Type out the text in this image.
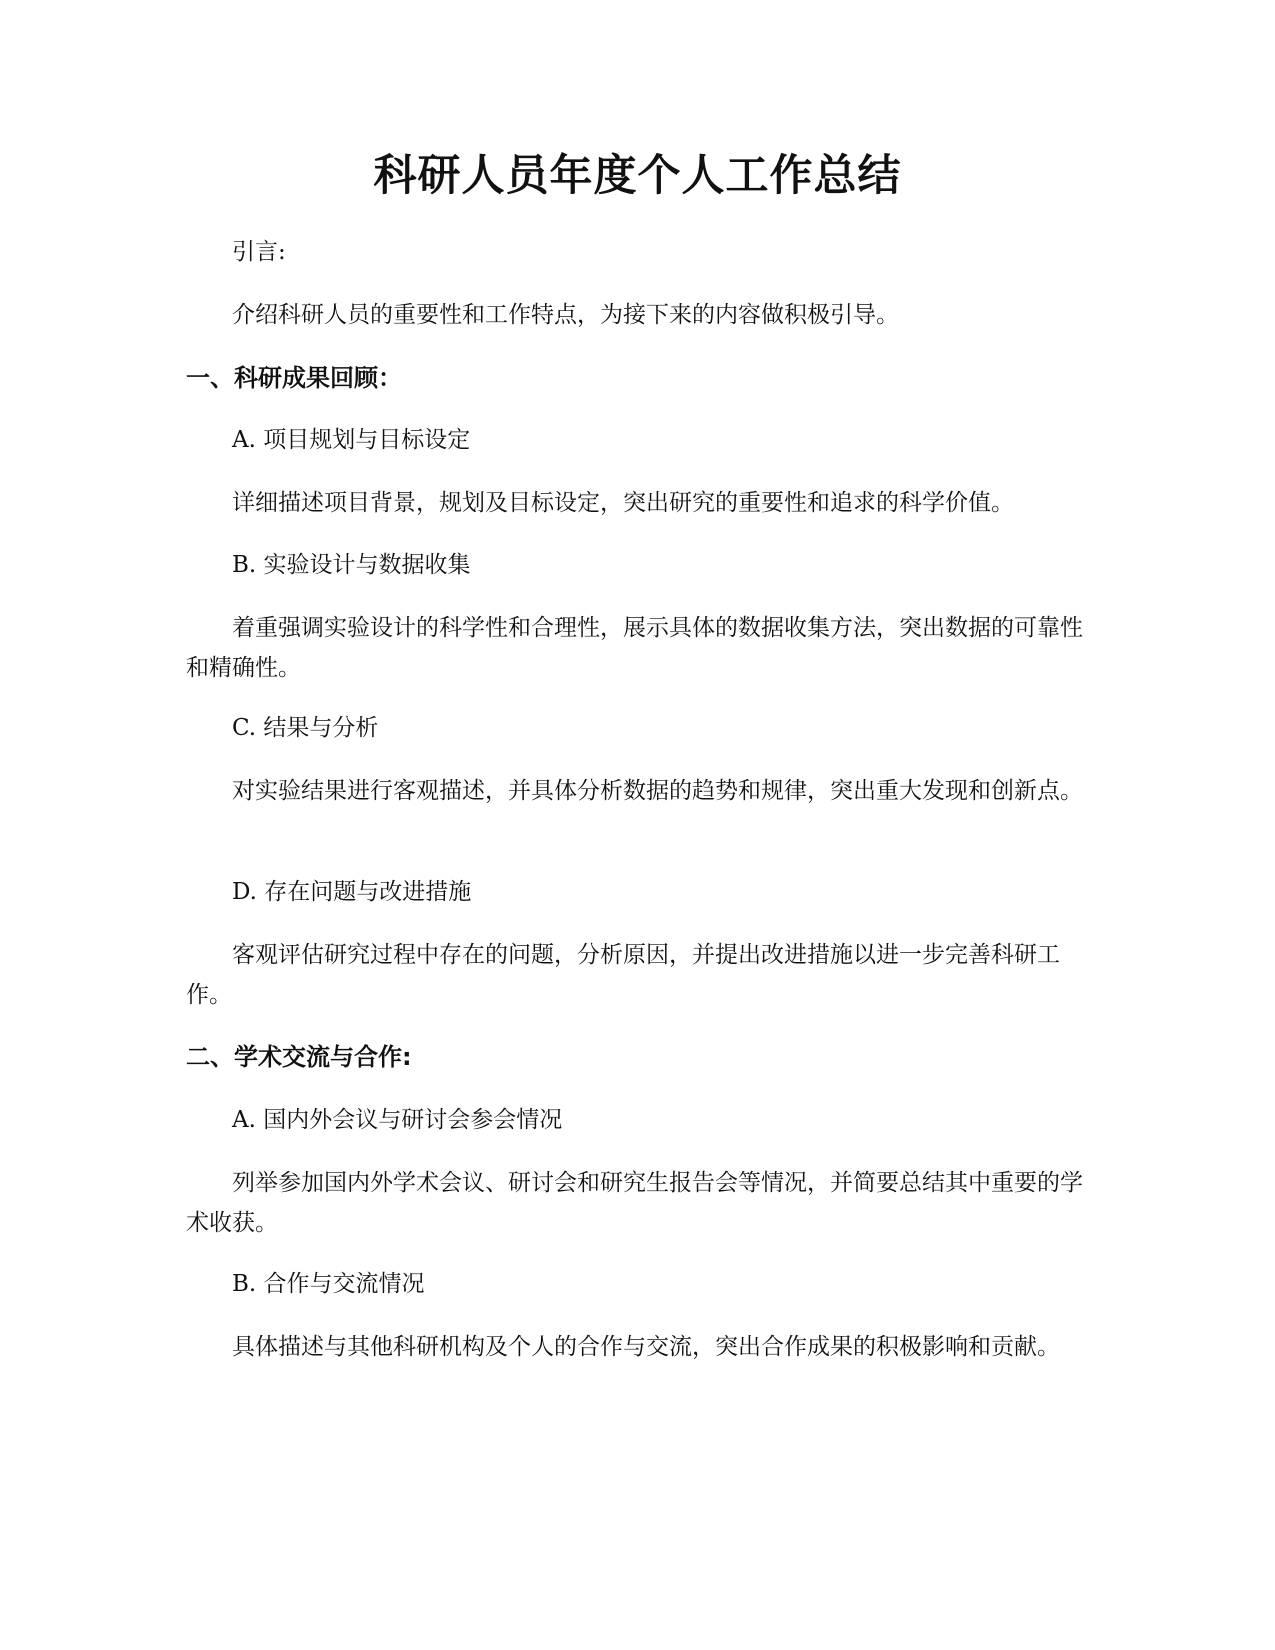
科研人员年度个人工作总结

引言:

介绍科研人员的重要性和工作特点，为接下来的内容做积极引导。

一、科研成果回顾：

A. 项目规划与目标设定

详细描述项目背景，规划及目标设定，突出研究的重要性和追求的科学价值。

B. 实验设计与数据收集

着重强调实验设计的科学性和合理性，展示具体的数据收集方法，突出数据的可靠性和精确性。

C. 结果与分析

对实验结果进行客观描述，并具体分析数据的趋势和规律，突出重大发现和创新点。

D. 存在问题与改进措施

客观评估研究过程中存在的问题，分析原因，并提出改进措施以进一步完善科研工作。

二、学术交流与合作:

A. 国内外会议与研讨会参会情况

列举参加国内外学术会议、研讨会和研究生报告会等情况，并简要总结其中重要的学术收获。

B. 合作与交流情况

具体描述与其他科研机构及个人的合作与交流，突出合作成果的积极影响和贡献。
